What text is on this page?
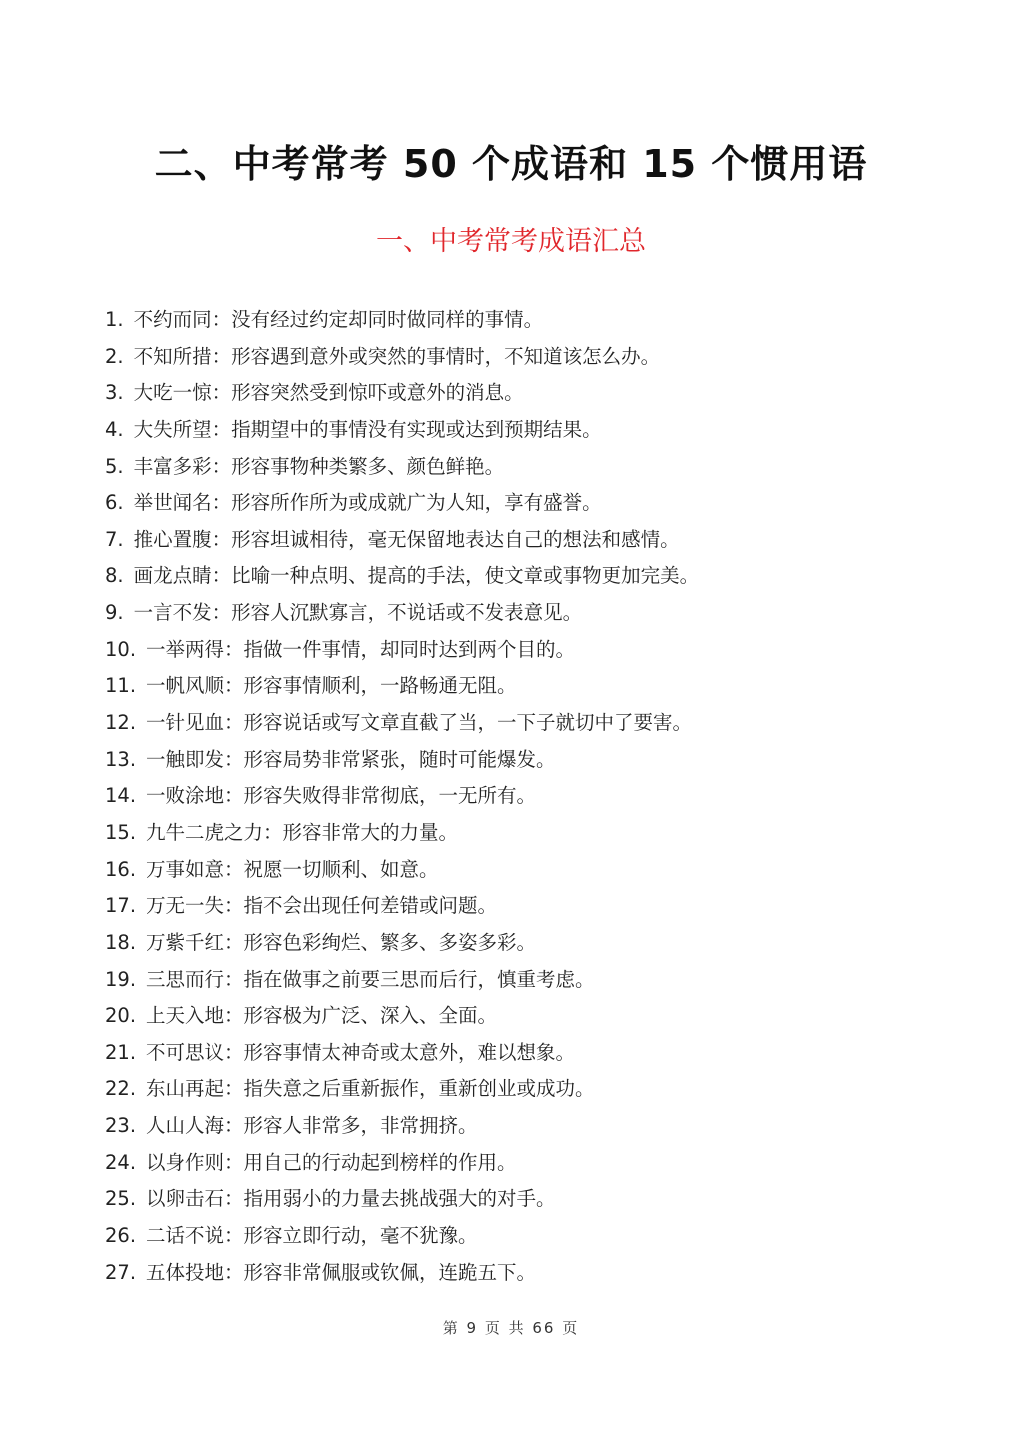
二、中考常考 50 个成语和 15 个惯用语
一、中考常考成语汇总
1. 不约而同：没有经过约定却同时做同样的事情。
2. 不知所措：形容遇到意外或突然的事情时，不知道该怎么办。
3. 大吃一惊：形容突然受到惊吓或意外的消息。
4. 大失所望：指期望中的事情没有实现或达到预期结果。
5. 丰富多彩：形容事物种类繁多、颜色鲜艳。
6. 举世闻名：形容所作所为或成就广为人知，享有盛誉。
7. 推心置腹：形容坦诚相待，毫无保留地表达自己的想法和感情。
8. 画龙点睛：比喻一种点明、提高的手法，使文章或事物更加完美。
9. 一言不发：形容人沉默寡言，不说话或不发表意见。
10. 一举两得：指做一件事情，却同时达到两个目的。
11. 一帆风顺：形容事情顺利，一路畅通无阻。
12. 一针见血：形容说话或写文章直截了当，一下子就切中了要害。
13. 一触即发：形容局势非常紧张，随时可能爆发。
14. 一败涂地：形容失败得非常彻底，一无所有。
15. 九牛二虎之力：形容非常大的力量。
16. 万事如意：祝愿一切顺利、如意。
17. 万无一失：指不会出现任何差错或问题。
18. 万紫千红：形容色彩绚烂、繁多、多姿多彩。
19. 三思而行：指在做事之前要三思而后行，慎重考虑。
20. 上天入地：形容极为广泛、深入、全面。
21. 不可思议：形容事情太神奇或太意外，难以想象。
22. 东山再起：指失意之后重新振作，重新创业或成功。
23. 人山人海：形容人非常多，非常拥挤。
24. 以身作则：用自己的行动起到榜样的作用。
25. 以卵击石：指用弱小的力量去挑战强大的对手。
26. 二话不说：形容立即行动，毫不犹豫。
27. 五体投地：形容非常佩服或钦佩，连跪五下。
第 9 页 共 66 页
